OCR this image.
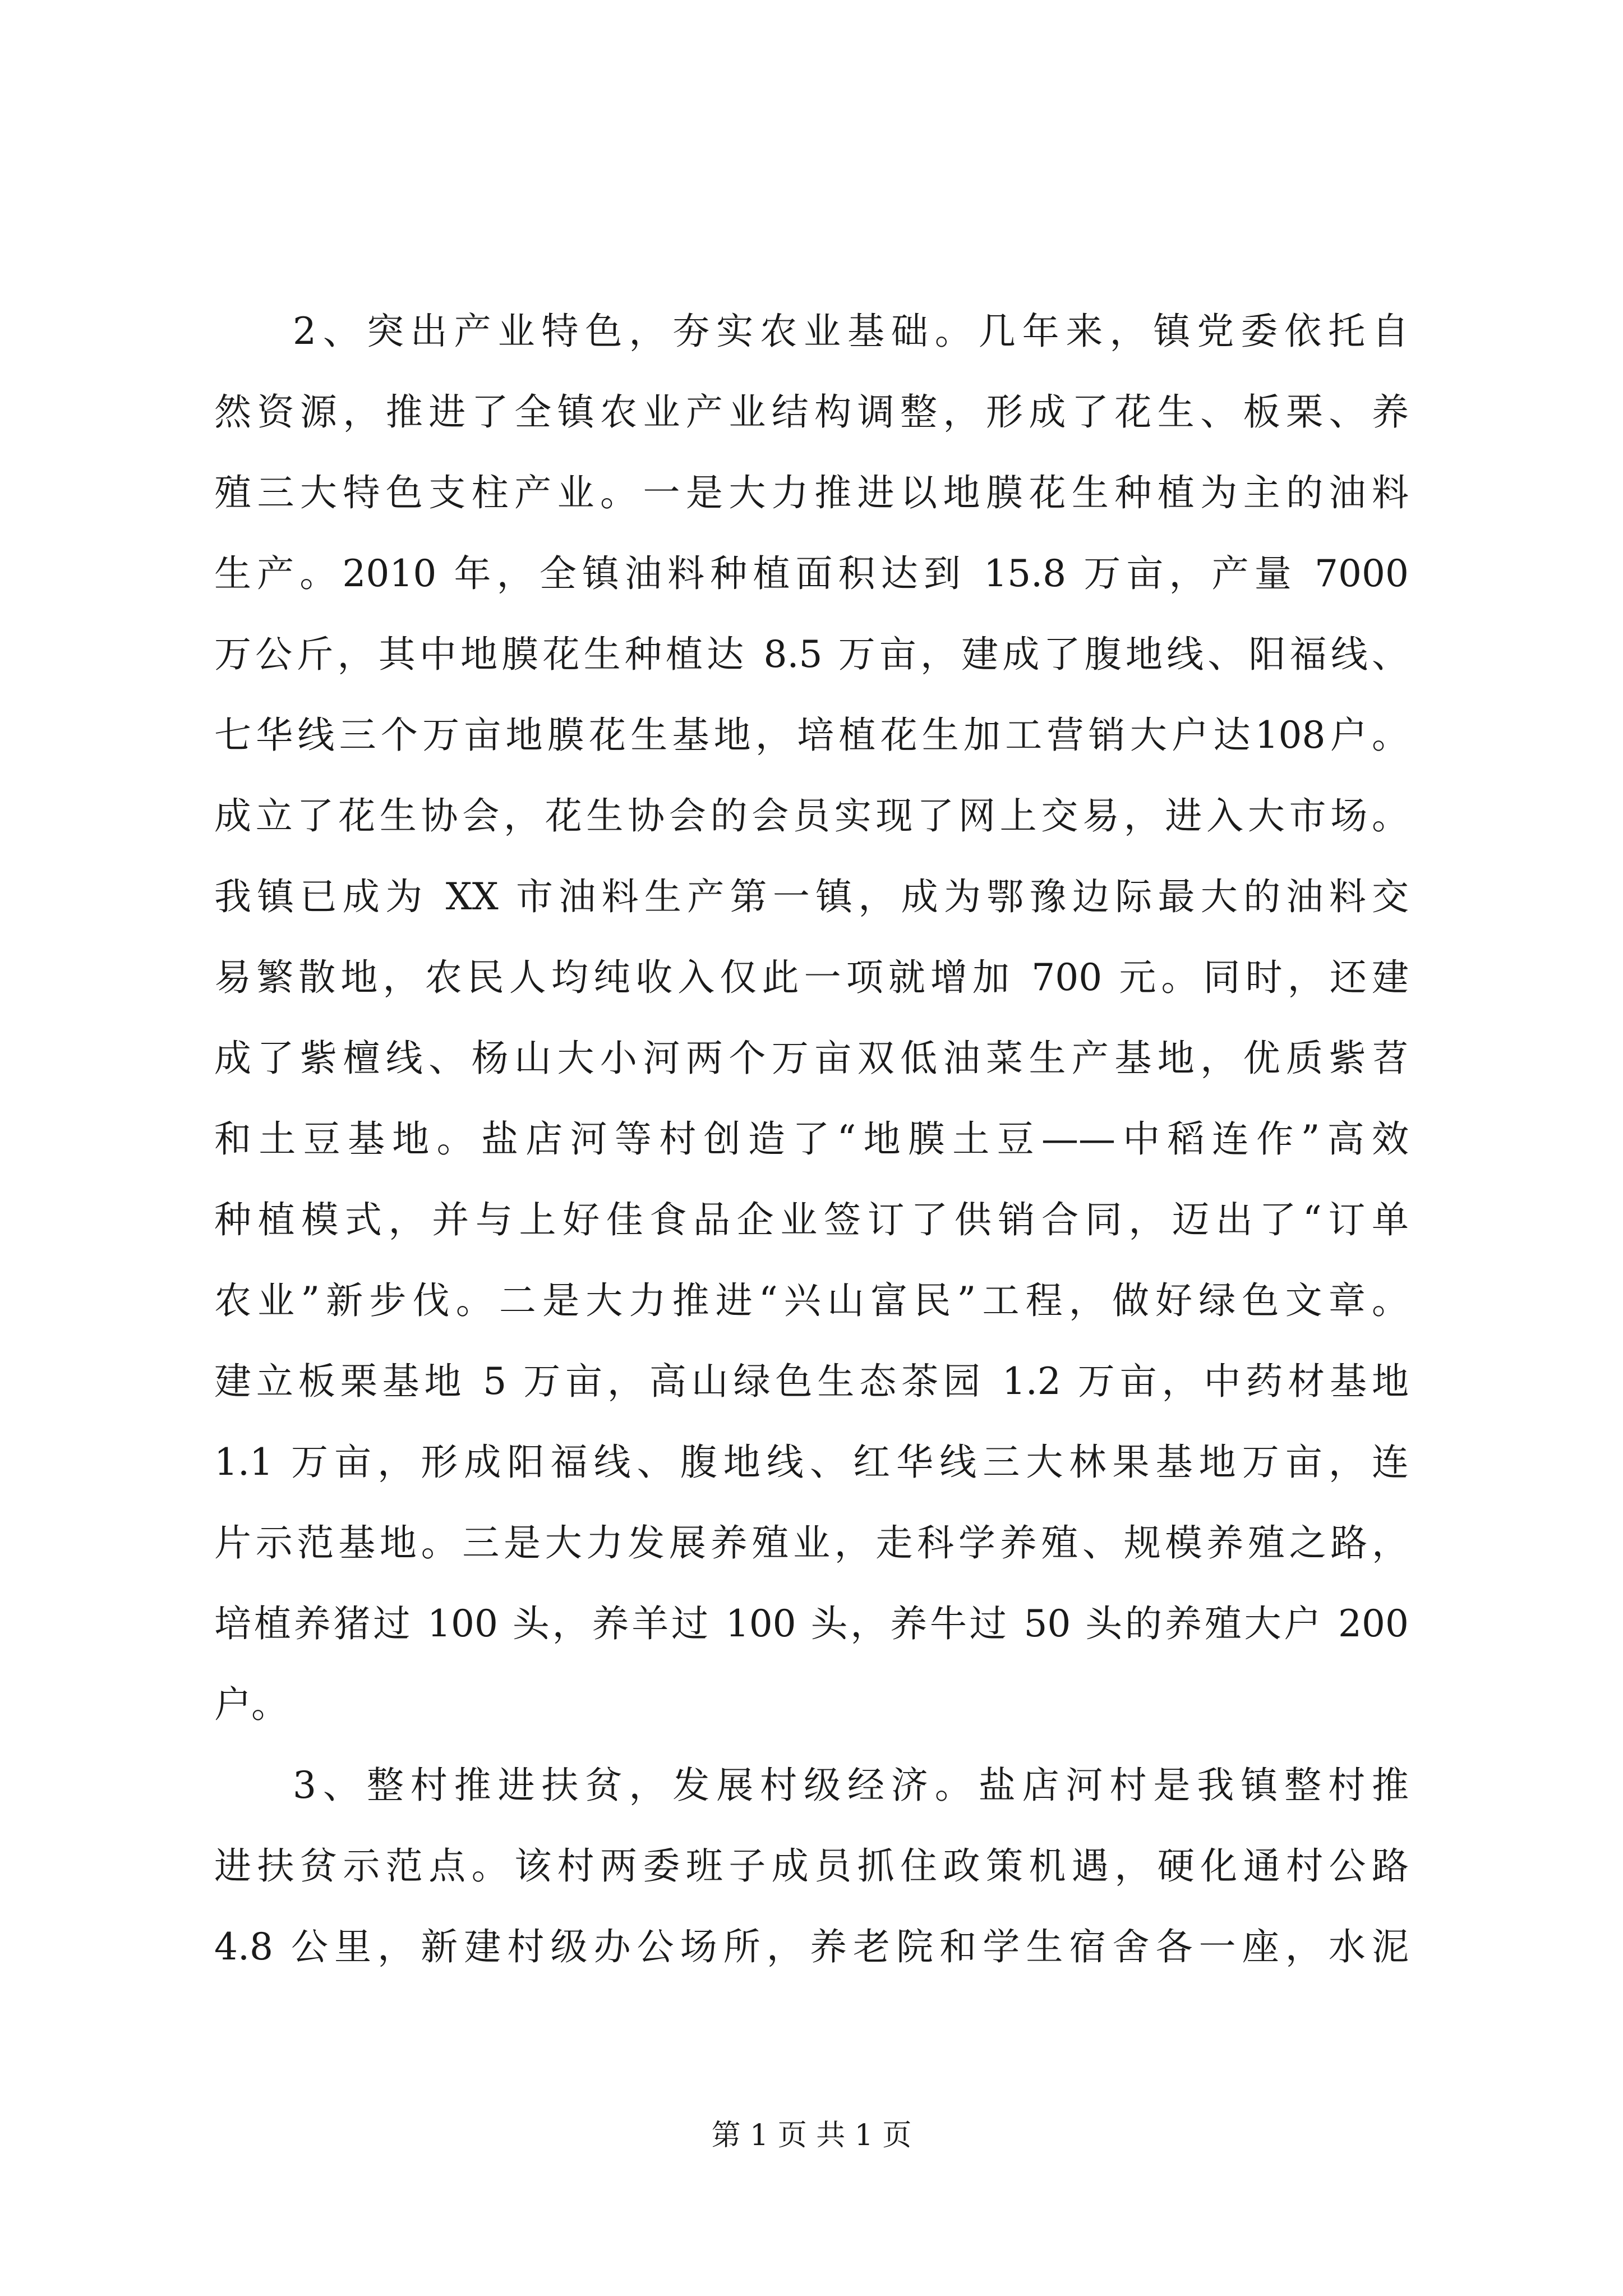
2、突出产业特色，夯实农业基础。几年来，镇党委依托自
然资源，推进了全镇农业产业结构调整，形成了花生、板栗、养
殖三大特色支柱产业。一是大力推进以地膜花生种植为主的油料
生产。2010 年，全镇油料种植面积达到 15.8 万亩，产量 7000
万公斤，其中地膜花生种植达 8.5 万亩，建成了腹地线、阳福线、
七华线三个万亩地膜花生基地，培植花生加工营销大户达108户。
成立了花生协会，花生协会的会员实现了网上交易，进入大市场。
我镇已成为 XX 市油料生产第一镇，成为鄂豫边际最大的油料交
易繁散地，农民人均纯收入仅此一项就增加 700 元。同时，还建
成了紫檀线、杨山大小河两个万亩双低油菜生产基地，优质紫苕
和土豆基地。盐店河等村创造了“地膜土豆——中稻连作”高效
种植模式，并与上好佳食品企业签订了供销合同，迈出了“订单
农业”新步伐。二是大力推进“兴山富民”工程，做好绿色文章。
建立板栗基地 5 万亩，高山绿色生态茶园 1.2 万亩，中药材基地
1.1 万亩，形成阳福线、腹地线、红华线三大林果基地万亩，连
片示范基地。三是大力发展养殖业，走科学养殖、规模养殖之路，
培植养猪过 100 头，养羊过 100 头，养牛过 50 头的养殖大户 200
户。
3、整村推进扶贫，发展村级经济。盐店河村是我镇整村推
进扶贫示范点。该村两委班子成员抓住政策机遇，硬化通村公路
4.8 公里，新建村级办公场所，养老院和学生宿舍各一座，水泥
第 1 页 共 1 页
